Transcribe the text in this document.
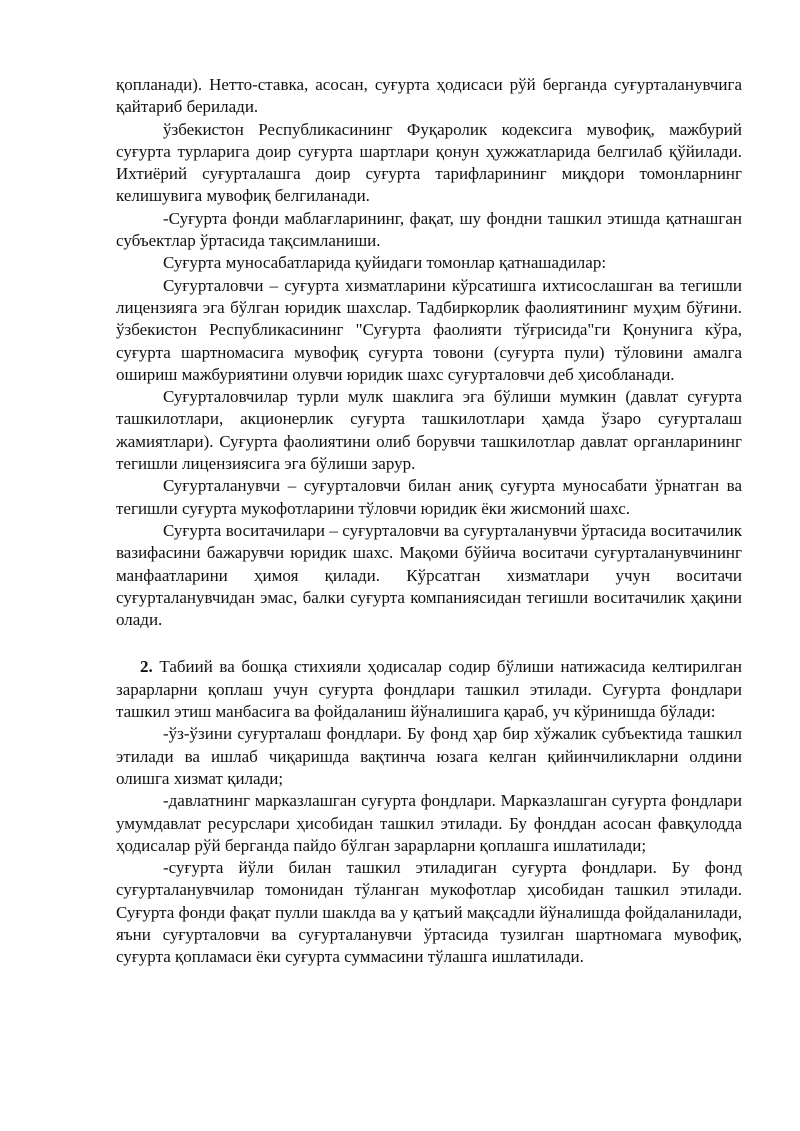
қопланади). Нетто-ставка, асосан, суғурта ҳодисаси рўй берганда суғурталанувчига қайтариб берилади.

ўзбекистон Республикасининг Фуқаролик кодексига мувофиқ, мажбурий суғурта турларига доир суғурта шартлари қонун ҳужжатларида белгилаб қўйилади. Ихтиёрий суғурталашга доир суғурта тарифларининг миқдори томонларнинг келишувига мувофиқ белгиланади.

-Суғурта фонди маблағларининг, фақат, шу фондни ташкил этишда қатнашган субъектлар ўртасида тақсимланиши.

Суғурта муносабатларида қуйидаги томонлар қатнашадилар:

Суғурталовчи – суғурта хизматларини кўрсатишга ихтисослашган ва тегишли лицензияга эга бўлган юридик шахслар. Тадбиркорлик фаолиятининг муҳим бўғини. ўзбекистон Республикасининг "Суғурта фаолияти тўғрисида"ги Қонунига кўра, суғурта шартномасига мувофиқ суғурта товони (суғурта пули) тўловини амалга ошириш мажбуриятини олувчи юридик шахс суғурталовчи деб ҳисобланади.

Суғурталовчилар турли мулк шаклига эга бўлиши мумкин (давлат суғурта ташкилотлари, акционерлик суғурта ташкилотлари ҳамда ўзаро суғурталаш жамиятлари). Суғурта фаолиятини олиб борувчи ташкилотлар давлат органларининг тегишли лицензиясига эга бўлиши зарур.

Суғурталанувчи – суғурталовчи билан аниқ суғурта муносабати ўрнатган ва тегишли суғурта мукофотларини тўловчи юридик ёки жисмоний шахс.

Суғурта воситачилари – суғурталовчи ва суғурталанувчи ўртасида воситачилик вазифасини бажарувчи юридик шахс. Мақоми бўйича воситачи суғурталанувчининг манфаатларини ҳимоя қилади. Кўрсатган хизматлари учун воситачи суғурталанувчидан эмас, балки суғурта компаниясидан тегишли воситачилик ҳақини олади.

2. Табиий ва бошқа стихияли ҳодисалар содир бўлиши натижасида келтирилган зарарларни қоплаш учун суғурта фондлари ташкил этилади. Суғурта фондлари ташкил этиш манбасига ва фойдаланиш йўналишига қараб, уч кўринишда бўлади:

-ўз-ўзини суғурталаш фондлари. Бу фонд ҳар бир хўжалик субъектида ташкил этилади ва ишлаб чиқаришда вақтинча юзага келган қийинчиликларни олдини олишга хизмат қилади;

-давлатнинг марказлашган суғурта фондлари. Марказлашган суғурта фондлари умумдавлат ресурслари ҳисобидан ташкил этилади. Бу фонддан асосан фавқулодда ҳодисалар рўй берганда пайдо бўлган зарарларни қоплашга ишлатилади;

-суғурта йўли билан ташкил этиладиган суғурта фондлари. Бу фонд суғурталанувчилар томонидан тўланган мукофотлар ҳисобидан ташкил этилади. Суғурта фонди фақат пулли шаклда ва у қатъий мақсадли йўналишда фойдаланилади, яъни суғурталовчи ва суғурталанувчи ўртасида тузилган шартномага мувофиқ, суғурта қопламаси ёки суғурта суммасини тўлашга ишлатилади.
